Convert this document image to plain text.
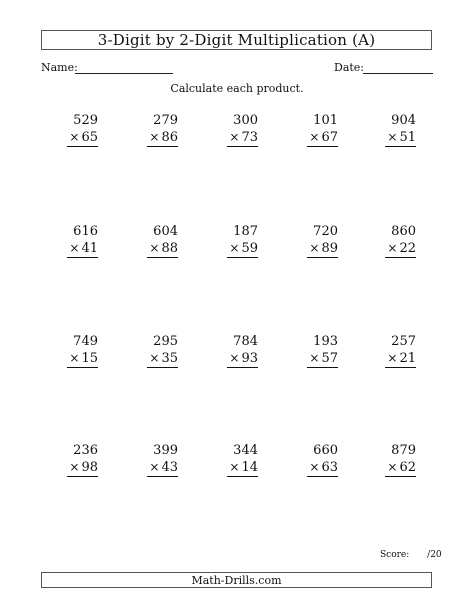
3-Digit by 2-Digit Multiplication (A)
Name:	Date:
Calculate each product.
529
× 65
279
× 86
300
× 73
101
× 67
904
× 51
616
× 41
604
× 88
187
× 59
720
× 89
860
× 22
749
× 15
295
× 35
784
× 93
193
× 57
257
× 21
236
× 98
399
× 43
344
× 14
660
× 63
879
× 62
Score: /20
Math-Drills.com
